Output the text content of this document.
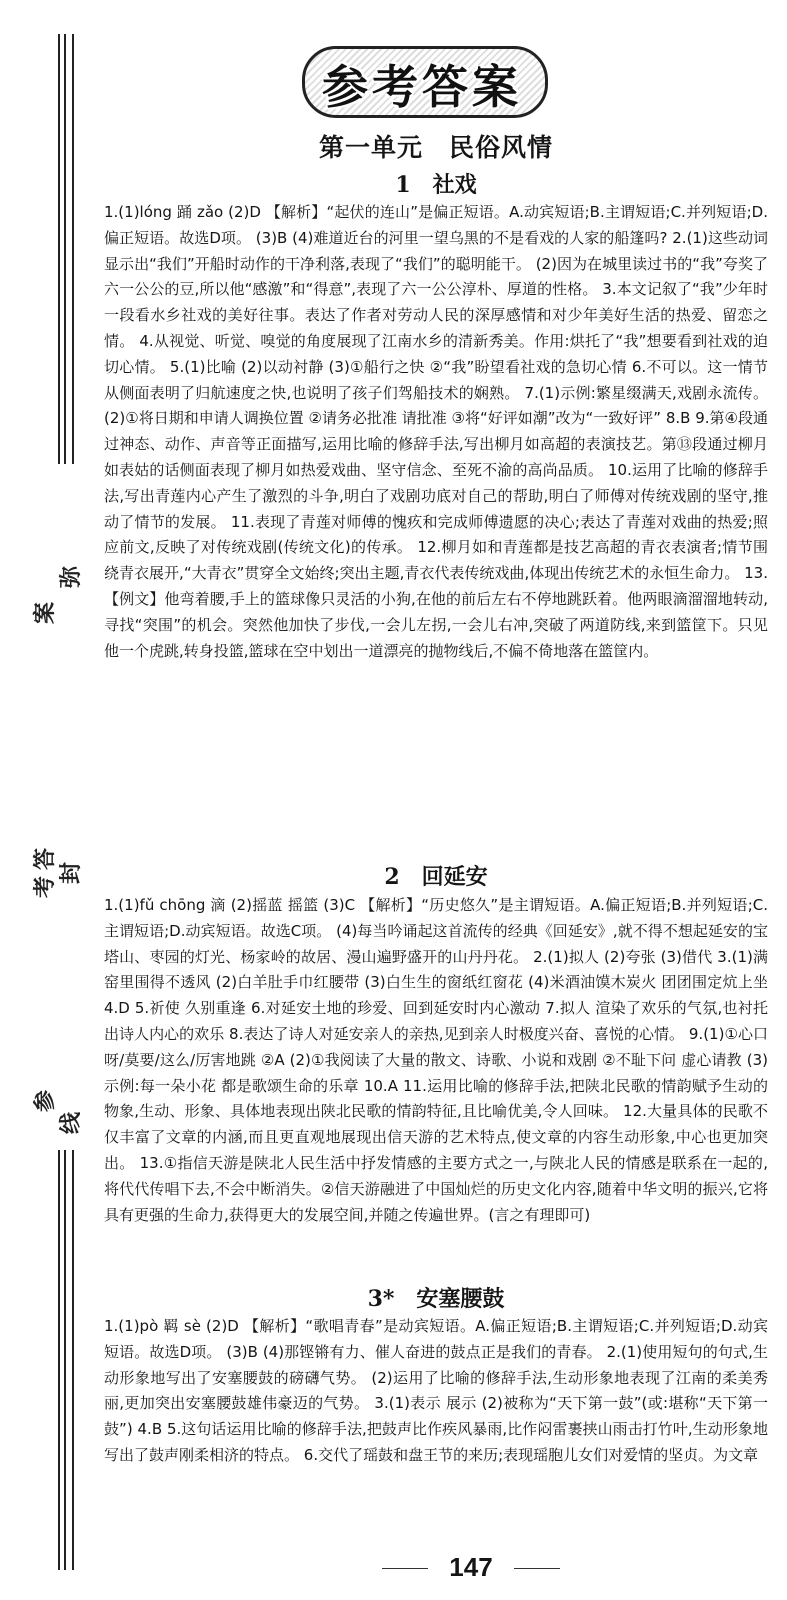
弥
案
答
封
考
线
参
参考答案
第一单元　民俗风情
1　社戏
1.(1)lóng 踊 zǎo (2)D 【解析】“起伏的连山”是偏正短语。A.动宾短语;B.主谓短语;C.并列短语;D.偏正短语。故选D项。 (3)B (4)难道近台的河里一望乌黑的不是看戏的人家的船篷吗? 2.(1)这些动词显示出“我们”开船时动作的干净利落,表现了“我们”的聪明能干。 (2)因为在城里读过书的“我”夸奖了六一公公的豆,所以他“感激”和“得意”,表现了六一公公淳朴、厚道的性格。 3.本文记叙了“我”少年时一段看水乡社戏的美好往事。表达了作者对劳动人民的深厚感情和对少年美好生活的热爱、留恋之情。 4.从视觉、听觉、嗅觉的角度展现了江南水乡的清新秀美。作用:烘托了“我”想要看到社戏的迫切心情。 5.(1)比喻 (2)以动衬静 (3)①船行之快 ②“我”盼望看社戏的急切心情 6.不可以。这一情节从侧面表明了归航速度之快,也说明了孩子们驾船技术的娴熟。 7.(1)示例:繁星缀满天,戏剧永流传。 (2)①将日期和申请人调换位置 ②请务必批准 请批准 ③将“好评如潮”改为“一致好评” 8.B 9.第④段通过神态、动作、声音等正面描写,运用比喻的修辞手法,写出柳月如高超的表演技艺。第⑬段通过柳月如表姑的话侧面表现了柳月如热爱戏曲、坚守信念、至死不渝的高尚品质。 10.运用了比喻的修辞手法,写出青莲内心产生了激烈的斗争,明白了戏剧功底对自己的帮助,明白了师傅对传统戏剧的坚守,推动了情节的发展。 11.表现了青莲对师傅的愧疚和完成师傅遗愿的决心;表达了青莲对戏曲的热爱;照应前文,反映了对传统戏剧(传统文化)的传承。 12.柳月如和青莲都是技艺高超的青衣表演者;情节围绕青衣展开,“大青衣”贯穿全文始终;突出主题,青衣代表传统戏曲,体现出传统艺术的永恒生命力。 13.【例文】他弯着腰,手上的篮球像只灵活的小狗,在他的前后左右不停地跳跃着。他两眼滴溜溜地转动,寻找“突围”的机会。突然他加快了步伐,一会儿左拐,一会儿右冲,突破了两道防线,来到篮筐下。只见他一个虎跳,转身投篮,篮球在空中划出一道漂亮的抛物线后,不偏不倚地落在篮筐内。
2　回延安
1.(1)fǔ chōng 滴 (2)摇蓝 摇篮 (3)C 【解析】“历史悠久”是主谓短语。A.偏正短语;B.并列短语;C.主谓短语;D.动宾短语。故选C项。 (4)每当吟诵起这首流传的经典《回延安》,就不得不想起延安的宝塔山、枣园的灯光、杨家岭的故居、漫山遍野盛开的山丹丹花。 2.(1)拟人 (2)夸张 (3)借代 3.(1)满窑里围得不透风 (2)白羊肚手巾红腰带 (3)白生生的窗纸红窗花 (4)米酒油馍木炭火 团团围定炕上坐 4.D 5.祈使 久别重逢 6.对延安土地的珍爱、回到延安时内心激动 7.拟人 渲染了欢乐的气氛,也衬托出诗人内心的欢乐 8.表达了诗人对延安亲人的亲热,见到亲人时极度兴奋、喜悦的心情。 9.(1)①心口呀/莫要/这么/厉害地跳 ②A (2)①我阅读了大量的散文、诗歌、小说和戏剧 ②不耻下问 虚心请教 (3)示例:每一朵小花 都是歌颂生命的乐章 10.A 11.运用比喻的修辞手法,把陕北民歌的情韵赋予生动的物象,生动、形象、具体地表现出陕北民歌的情韵特征,且比喻优美,令人回味。 12.大量具体的民歌不仅丰富了文章的内涵,而且更直观地展现出信天游的艺术特点,使文章的内容生动形象,中心也更加突出。 13.①指信天游是陕北人民生活中抒发情感的主要方式之一,与陕北人民的情感是联系在一起的,将代代传唱下去,不会中断消失。②信天游融进了中国灿烂的历史文化内容,随着中华文明的振兴,它将具有更强的生命力,获得更大的发展空间,并随之传遍世界。(言之有理即可)
3*　安塞腰鼓
1.(1)pò 羁 sè (2)D 【解析】“歌唱青春”是动宾短语。A.偏正短语;B.主谓短语;C.并列短语;D.动宾短语。故选D项。 (3)B (4)那铿锵有力、催人奋进的鼓点正是我们的青春。 2.(1)使用短句的句式,生动形象地写出了安塞腰鼓的磅礴气势。 (2)运用了比喻的修辞手法,生动形象地表现了江南的柔美秀丽,更加突出安塞腰鼓雄伟豪迈的气势。 3.(1)表示 展示 (2)被称为“天下第一鼓”(或:堪称“天下第一鼓”) 4.B 5.这句话运用比喻的修辞手法,把鼓声比作疾风暴雨,比作闷雷裹挟山雨击打竹叶,生动形象地写出了鼓声刚柔相济的特点。 6.交代了瑶鼓和盘王节的来历;表现瑶胞儿女们对爱情的坚贞。为文章
147
